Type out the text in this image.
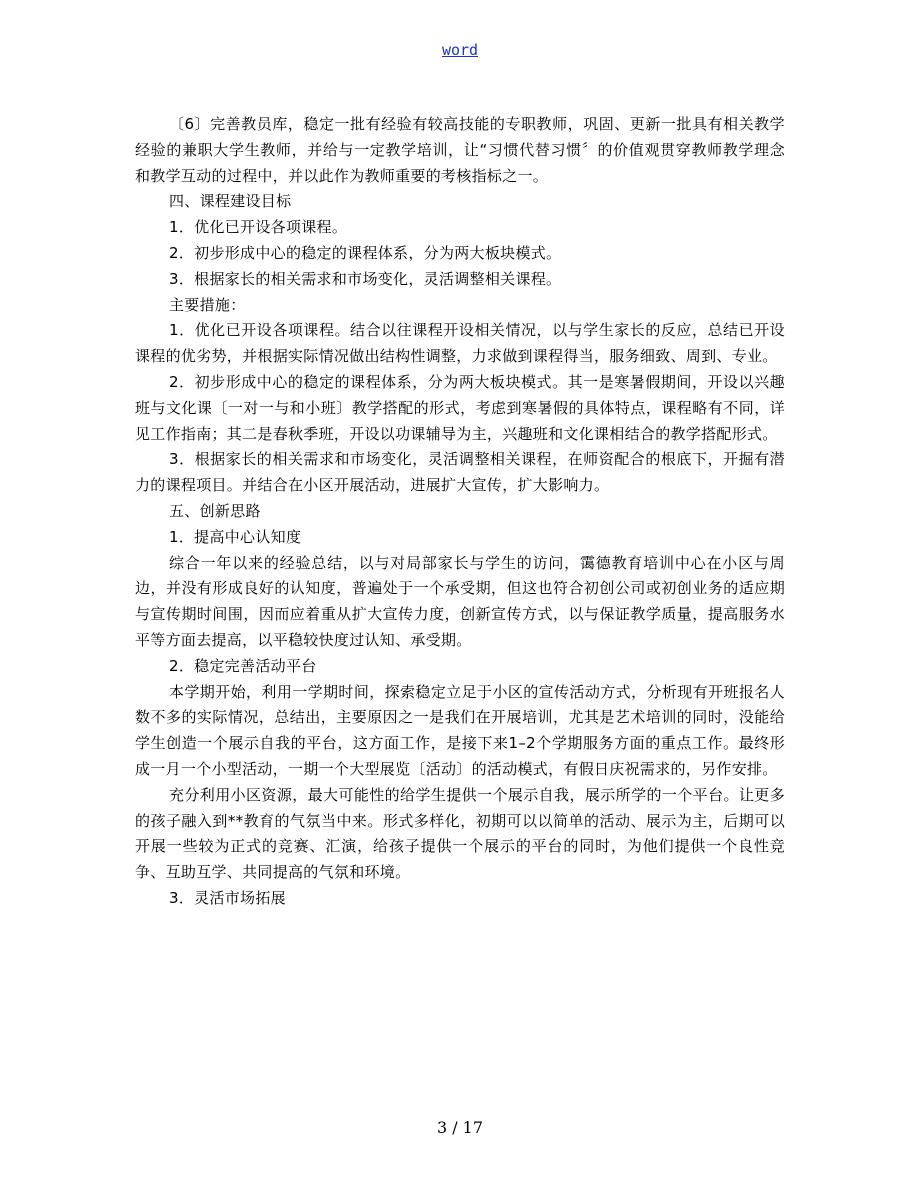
word

〔6〕完善教员库，稳定一批有经验有较高技能的专职教师，巩固、更新一批具有相关教学经验的兼职大学生教师，并给与一定教学培训，让“习惯代替习惯〞的价值观贯穿教师教学理念和教学互动的过程中，并以此作为教师重要的考核指标之一。

四、课程建设目标

1．优化已开设各项课程。

2．初步形成中心的稳定的课程体系，分为两大板块模式。

3．根据家长的相关需求和市场变化，灵活调整相关课程。

主要措施：

1．优化已开设各项课程。结合以往课程开设相关情况，以与学生家长的反应，总结已开设课程的优劣势，并根据实际情况做出结构性调整，力求做到课程得当，服务细致、周到、专业。

2．初步形成中心的稳定的课程体系，分为两大板块模式。其一是寒暑假期间，开设以兴趣班与文化课〔一对一与和小班〕教学搭配的形式，考虑到寒暑假的具体特点，课程略有不同，详见工作指南；其二是春秋季班，开设以功课辅导为主，兴趣班和文化课相结合的教学搭配形式。

3．根据家长的相关需求和市场变化，灵活调整相关课程，在师资配合的根底下，开掘有潜力的课程项目。并结合在小区开展活动，进展扩大宣传，扩大影响力。

五、创新思路

1．提高中心认知度

综合一年以来的经验总结，以与对局部家长与学生的访问，霭德教育培训中心在小区与周边，并没有形成良好的认知度，普遍处于一个承受期，但这也符合初创公司或初创业务的适应期与宣传期时间围，因而应着重从扩大宣传力度，创新宣传方式，以与保证教学质量，提高服务水平等方面去提高，以平稳较快度过认知、承受期。

2．稳定完善活动平台

本学期开始，利用一学期时间，探索稳定立足于小区的宣传活动方式，分析现有开班报名人数不多的实际情况，总结出，主要原因之一是我们在开展培训，尤其是艺术培训的同时，没能给学生创造一个展示自我的平台，这方面工作，是接下来1–2个学期服务方面的重点工作。最终形成一月一个小型活动，一期一个大型展览〔活动〕的活动模式，有假日庆祝需求的，另作安排。

充分利用小区资源，最大可能性的给学生提供一个展示自我，展示所学的一个平台。让更多的孩子融入到**教育的气氛当中来。形式多样化，初期可以以简单的活动、展示为主，后期可以开展一些较为正式的竞赛、汇演，给孩子提供一个展示的平台的同时，为他们提供一个良性竞争、互助互学、共同提高的气氛和环境。

3．灵活市场拓展

3 / 17
